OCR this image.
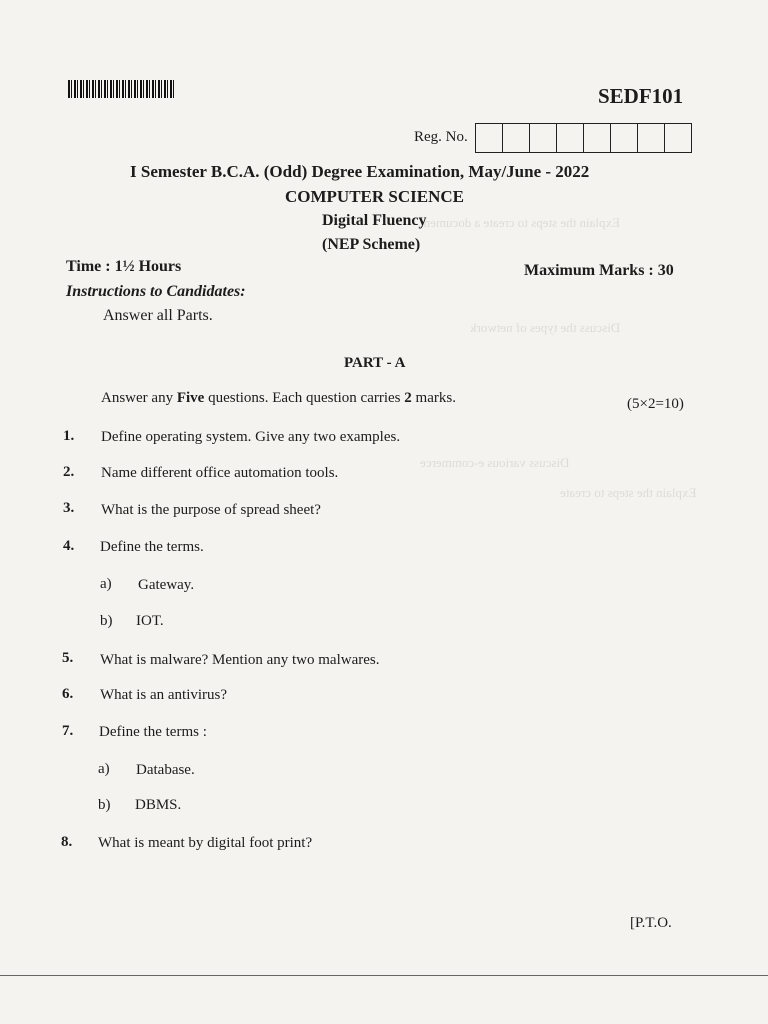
Explain the steps to create a document
Discuss the types of network
Discuss various e-commerce
Explain the steps to create
SEDF101
Reg. No.
I Semester B.C.A. (Odd) Degree Examination, May/June - 2022
COMPUTER SCIENCE
Digital Fluency
(NEP Scheme)
Time : 1½ Hours	Maximum Marks : 30
Instructions to Candidates:
Answer all Parts.
PART - A
Answer any Five questions. Each question carries 2 marks.	(5×2=10)
1. Define operating system. Give any two examples.
2. Name different office automation tools.
3. What is the purpose of spread sheet?
4. Define the terms.
a) Gateway.
b) IOT.
5. What is malware? Mention any two malwares.
6. What is an antivirus?
7. Define the terms :
a) Database.
b) DBMS.
8. What is meant by digital foot print?
[P.T.O.
